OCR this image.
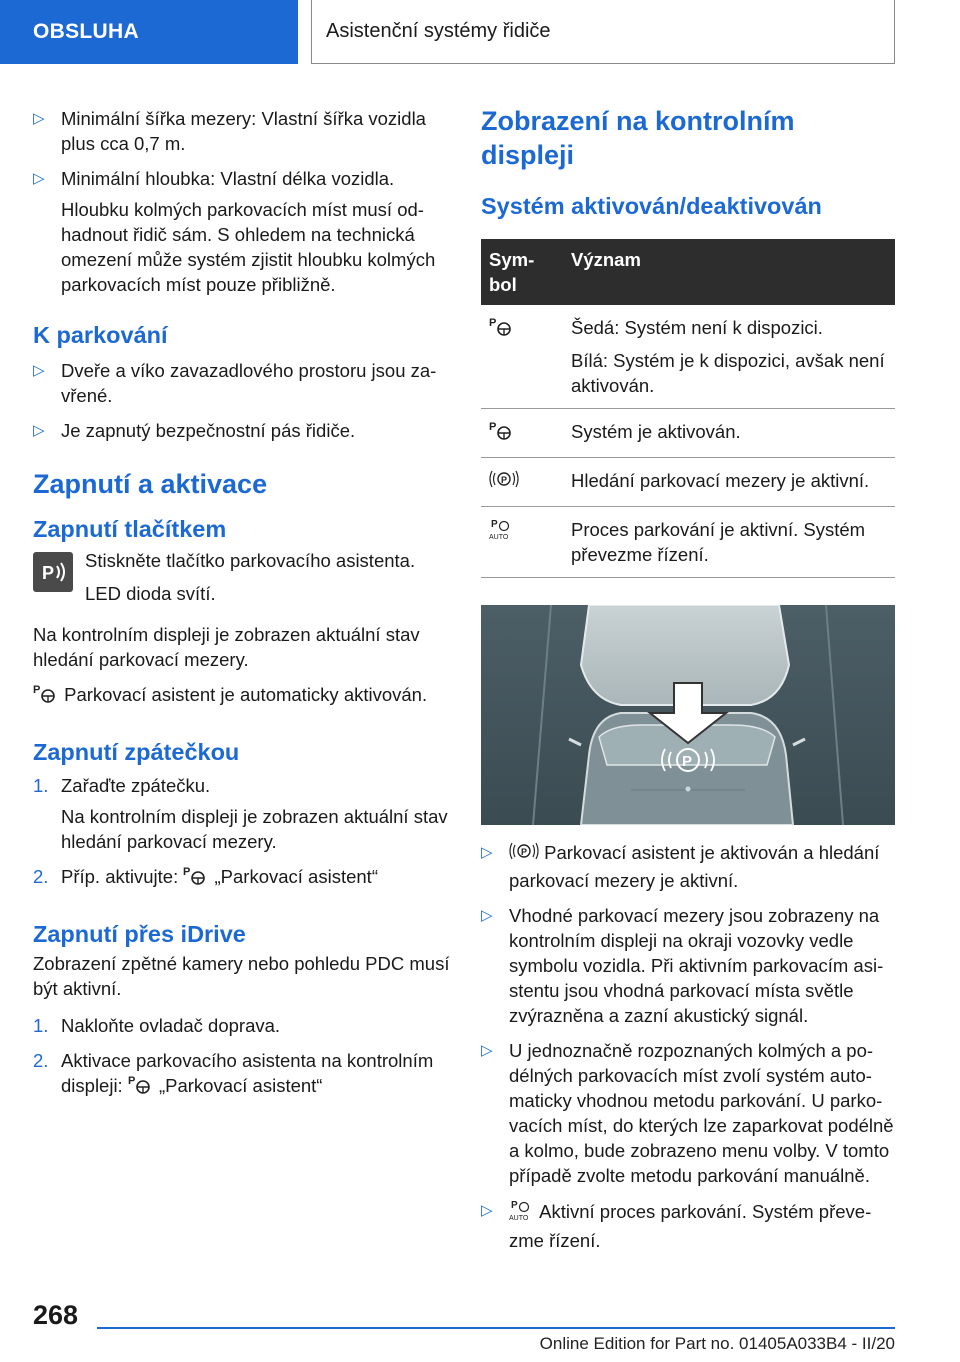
OBSLUHA	Asistenční systémy řidiče
▷ Minimální šířka mezery: Vlastní šířka vozidla plus cca 0,7 m.
▷ Minimální hloubka: Vlastní délka vozidla.
Hloubku kolmých parkovacích míst musí odhadnout řidič sám. S ohledem na technická omezení může systém zjistit hloubku kolmých parkovacích míst pouze přibližně.
K parkování
▷ Dveře a víko zavazadlového prostoru jsou zavřené.
▷ Je zapnutý bezpečnostní pás řidiče.
Zapnutí a aktivace
Zapnutí tlačítkem
P
Stiskněte tlačítko parkovacího asistenta.
LED dioda svítí.
Na kontrolním displeji je zobrazen aktuální stav hledání parkovací mezery.
P Parkovací asistent je automaticky aktivován.
Zapnutí zpátečkou
1. Zařaďte zpátečku.
Na kontrolním displeji je zobrazen aktuální stav hledání parkovací mezery.
2. Příp. aktivujte: P „Parkovací asistent“
Zapnutí přes iDrive
Zobrazení zpětné kamery nebo pohledu PDC musí být aktivní.
1. Nakloňte ovladač doprava.
2. Aktivace parkovacího asistenta na kontrolním
displeji: P „Parkovací asistent“
Zobrazení na kontrolním displeji
Systém aktivován/deaktivován
Symbol	Význam

P	Šedá: Systém není k dispozici.
Bílá: Systém je k dispozici, avšak není aktivován.

P	Systém je aktivován.

P	Hledání parkovací mezery je aktivní.

P
AUTO	Proces parkování je aktivní. Systém převezme řízení.
P
▷	P Parkovací asistent je aktivován a hledání parkovací mezery je aktivní.
▷ Vhodné parkovací mezery jsou zobrazeny na kontrolním displeji na okraji vozovky vedle symbolu vozidla. Při aktivním parkovacím asistentu jsou vhodná parkovací místa světle zvýrazněna a zazní akustický signál.
▷ U jednoznačně rozpoznaných kolmých a podélných parkovacích míst zvolí systém automaticky vhodnou metodu parkování. U parkovacích míst, do kterých lze zaparkovat podélně a kolmo, bude zobrazeno menu volby. V tomto případě zvolte metodu parkování manuálně.
▷ P
AUTO Aktivní proces parkování. Systém převezme řízení.
268
Online Edition for Part no. 01405A033B4 - II/20
